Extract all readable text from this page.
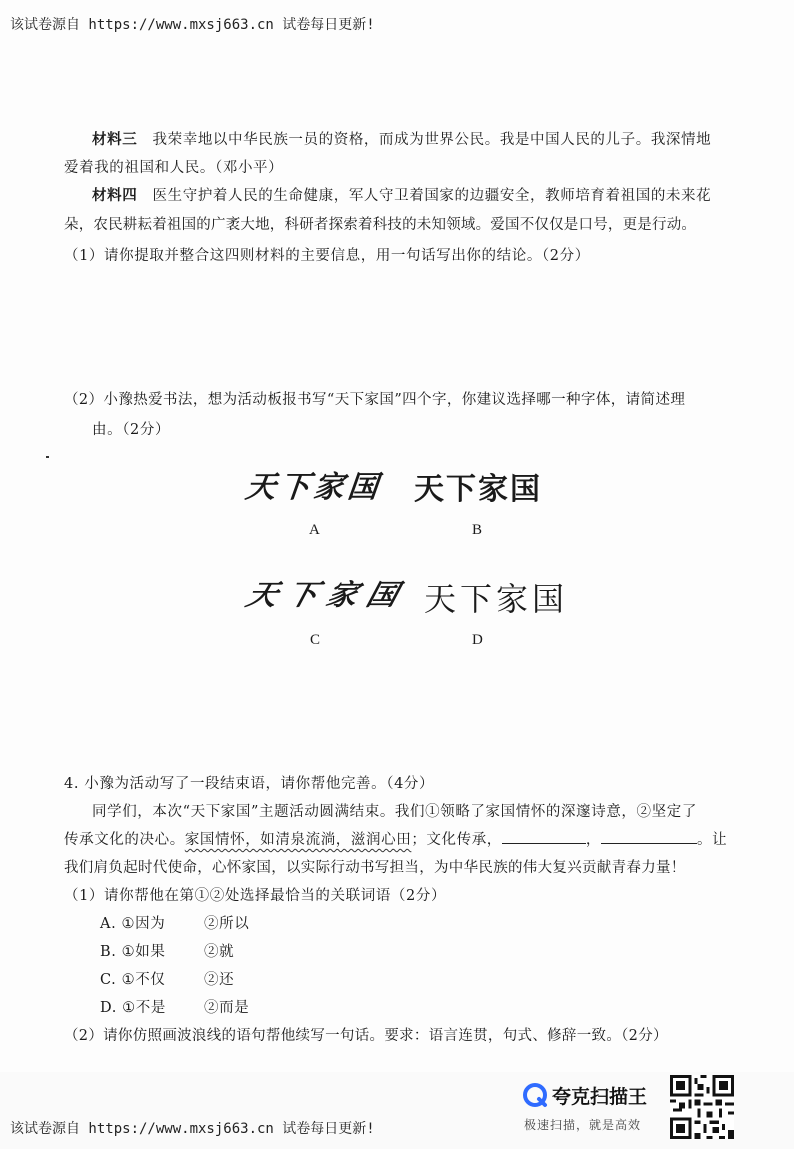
该试卷源自 https://www.mxsj663.cn 试卷每日更新!
材料三 我荣幸地以中华民族一员的资格，而成为世界公民。我是中国人民的儿子。我深情地
爱着我的祖国和人民。（邓小平）
材料四 医生守护着人民的生命健康，军人守卫着国家的边疆安全，教师培育着祖国的未来花
朵，农民耕耘着祖国的广袤大地，科研者探索着科技的未知领域。爱国不仅仅是口号，更是行动。
（1）请你提取并整合这四则材料的主要信息，用一句话写出你的结论。（2分）
（2）小豫热爱书法，想为活动板报书写“天下家国”四个字，你建议选择哪一种字体，请简述理
由。（2分）
天下家国 天下家国
A	B
天下家国 天下家国
C	D
4. 小豫为活动写了一段结束语，请你帮他完善。（4分）
同学们，本次“天下家国”主题活动圆满结束。我们①领略了家国情怀的深邃诗意，②坚定了
传承文化的决心。家国情怀，如清泉流淌，滋润心田；文化传承，	，	。让
我们肩负起时代使命，心怀家国，以实际行动书写担当，为中华民族的伟大复兴贡献青春力量！
（1）请你帮他在第①②处选择最恰当的关联词语（2分）
A. ①因为	②所以
B. ①如果	②就
C. ①不仅	②还
D. ①不是	②而是
（2）请你仿照画波浪线的语句帮他续写一句话。要求：语言连贯，句式、修辞一致。（2分）
该试卷源自 https://www.mxsj663.cn 试卷每日更新!
夸克扫描王
极速扫描，就是高效
